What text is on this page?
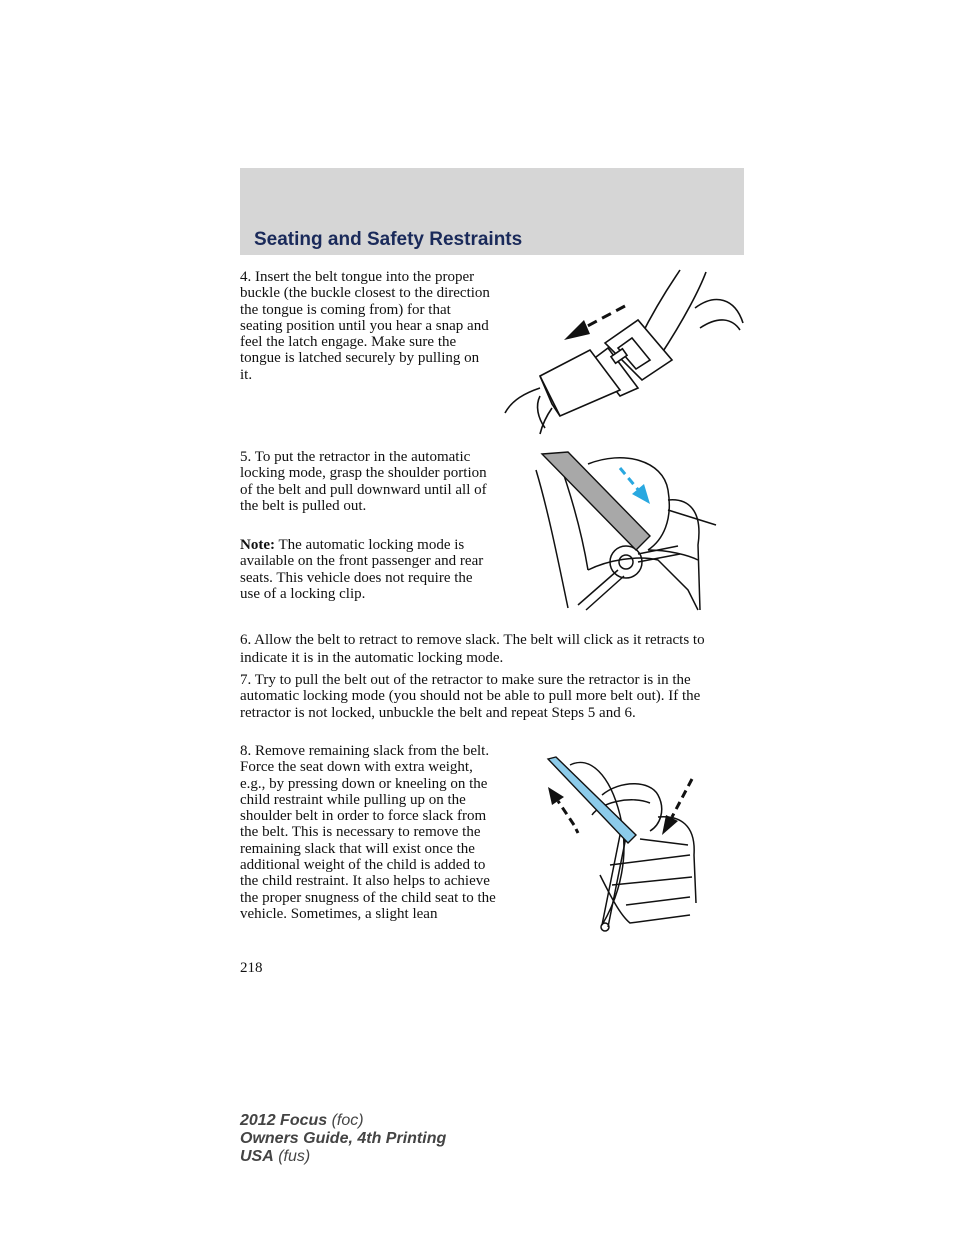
Seating and Safety Restraints
4. Insert the belt tongue into the proper buckle (the buckle closest to the direction the tongue is coming from) for that seating position until you hear a snap and feel the latch engage. Make sure the tongue is latched securely by pulling on it.
5. To put the retractor in the automatic locking mode, grasp the shoulder portion of the belt and pull downward until all of the belt is pulled out.
Note: The automatic locking mode is available on the front passenger and rear seats. This vehicle does not require the use of a locking clip.
6. Allow the belt to retract to remove slack. The belt will click as it retracts to indicate it is in the automatic locking mode.
7. Try to pull the belt out of the retractor to make sure the retractor is in the automatic locking mode (you should not be able to pull more belt out). If the retractor is not locked, unbuckle the belt and repeat Steps 5 and 6.
8. Remove remaining slack from the belt. Force the seat down with extra weight, e.g., by pressing down or kneeling on the child restraint while pulling up on the shoulder belt in order to force slack from the belt. This is necessary to remove the remaining slack that will exist once the additional weight of the child is added to the child restraint. It also helps to achieve the proper snugness of the child seat to the vehicle. Sometimes, a slight lean
218
2012 Focus (foc)
Owners Guide, 4th Printing
USA (fus)
